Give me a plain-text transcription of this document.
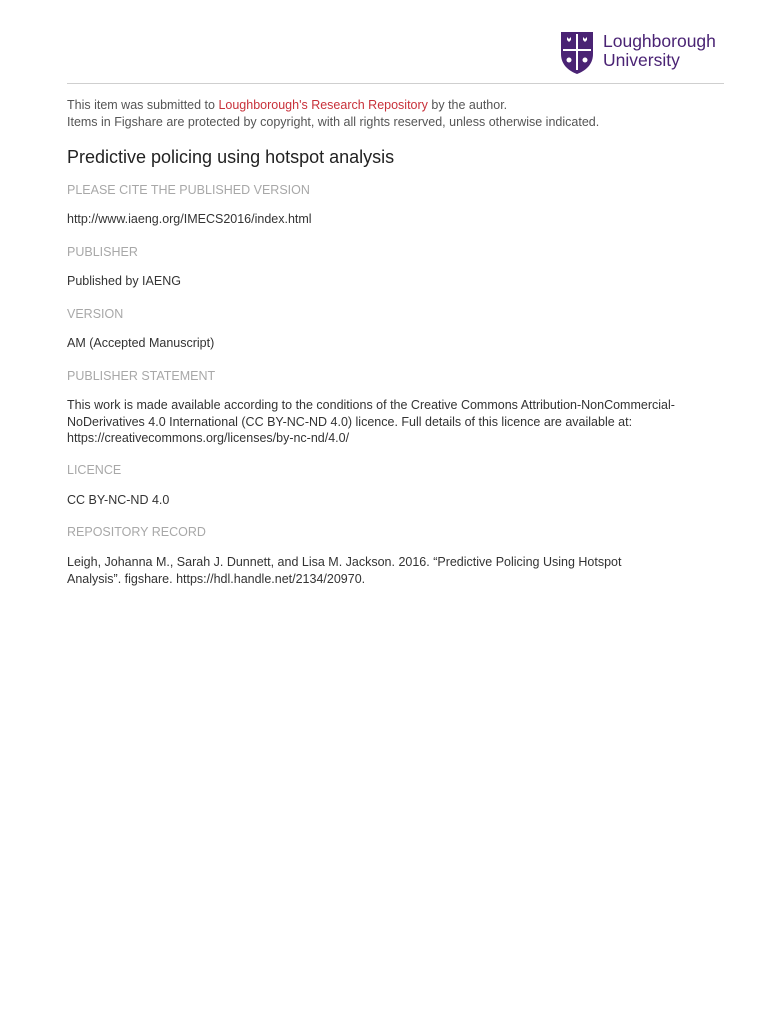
Loughborough
University
This item was submitted to Loughborough's Research Repository by the author.
Items in Figshare are protected by copyright, with all rights reserved, unless otherwise indicated.
Predictive policing using hotspot analysis
PLEASE CITE THE PUBLISHED VERSION
http://www.iaeng.org/IMECS2016/index.html
PUBLISHER
Published by IAENG
VERSION
AM (Accepted Manuscript)
PUBLISHER STATEMENT
This work is made available according to the conditions of the Creative Commons Attribution-NonCommercial-
NoDerivatives 4.0 International (CC BY-NC-ND 4.0) licence. Full details of this licence are available at:
https://creativecommons.org/licenses/by-nc-nd/4.0/
LICENCE
CC BY-NC-ND 4.0
REPOSITORY RECORD
Leigh, Johanna M., Sarah J. Dunnett, and Lisa M. Jackson. 2016. “Predictive Policing Using Hotspot
Analysis”. figshare. https://hdl.handle.net/2134/20970.
